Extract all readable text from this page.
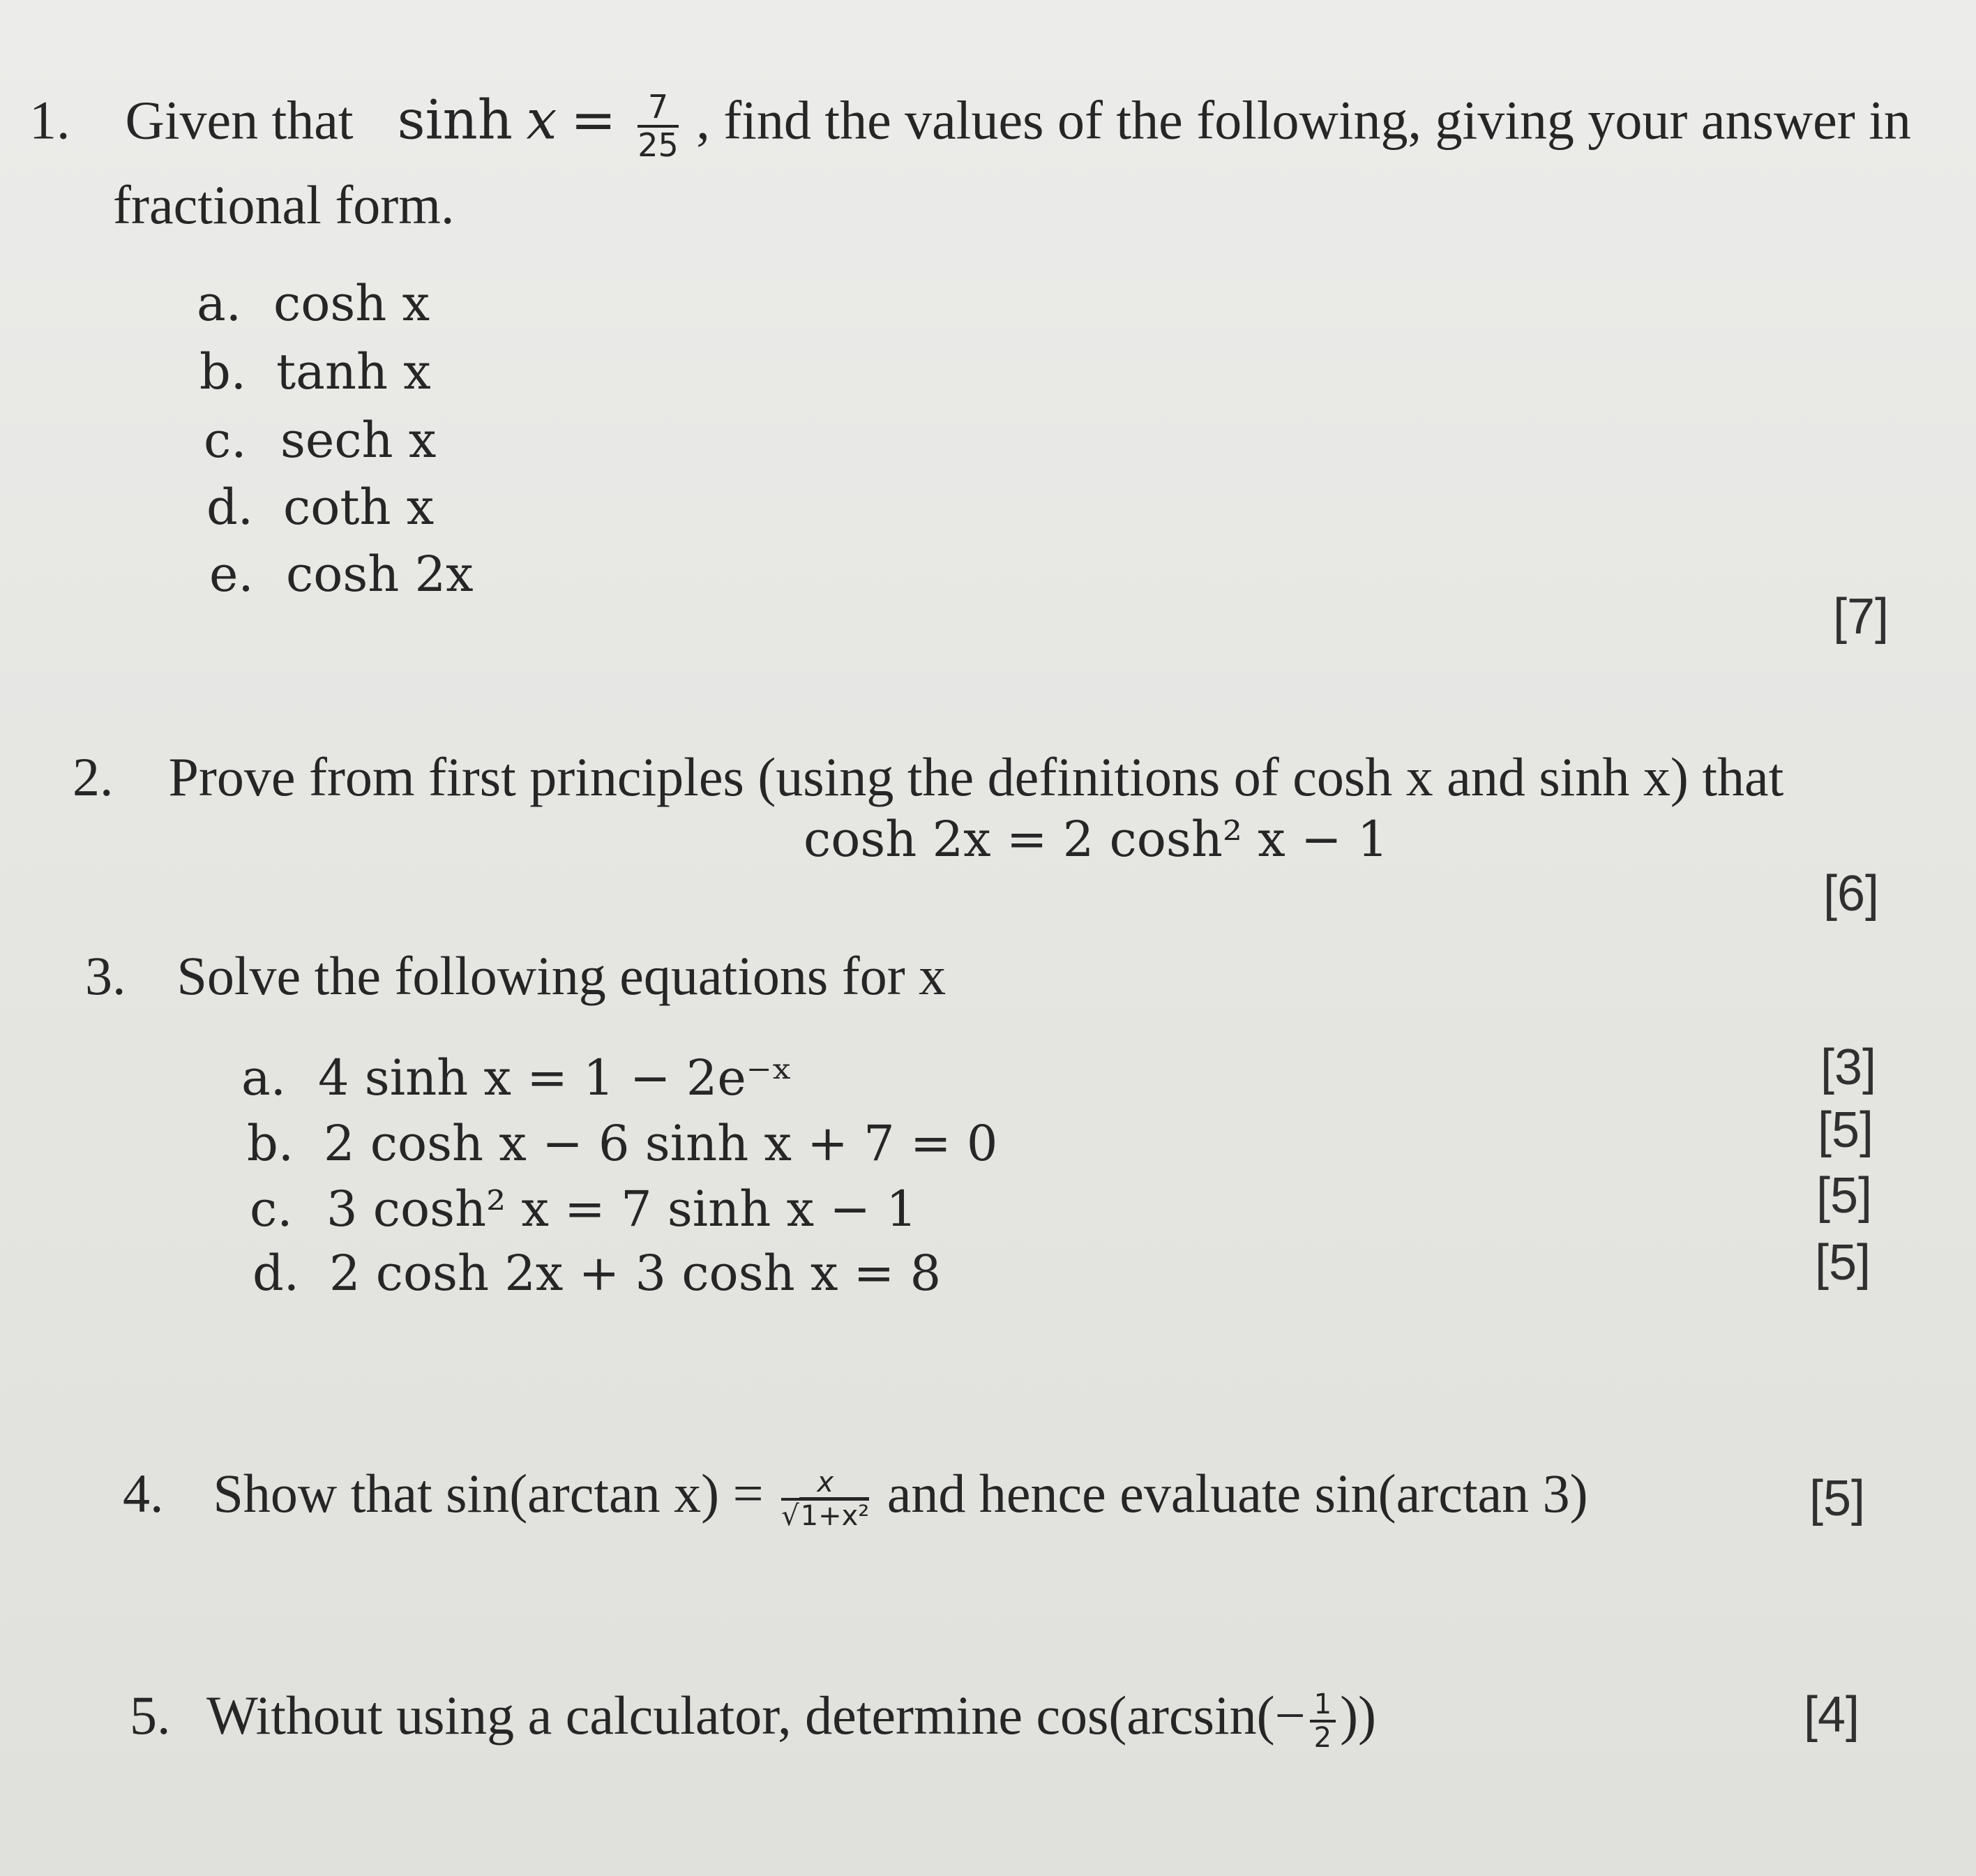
1. Given that $\sinh x = \frac{7}{25}$ , find the values of the following, giving your answer in
fractional form.
a. cosh x
b. tanh x
c. sech x
d. coth x
e. cosh 2x
[7]
2. Prove from first principles (using the definitions of cosh x and sinh x) that
cosh 2x = 2 cosh² x − 1
[6]
3. Solve the following equations for x
a. 4 sinh x = 1 − 2e⁻ˣ	[3]
b. 2 cosh x − 6 sinh x + 7 = 0	[5]
c. 3 cosh² x = 7 sinh x − 1	[5]
d. 2 cosh 2x + 3 cosh x = 8	[5]
4. Show that sin(arctan $x) = \frac{x}{\text{√1+x²}}$ and hence evaluate sin(arctan 3)	[5]
5. Without using a calculator, determine $\cos(\arcsin(- \frac{1}{2}$ ))	[4]
